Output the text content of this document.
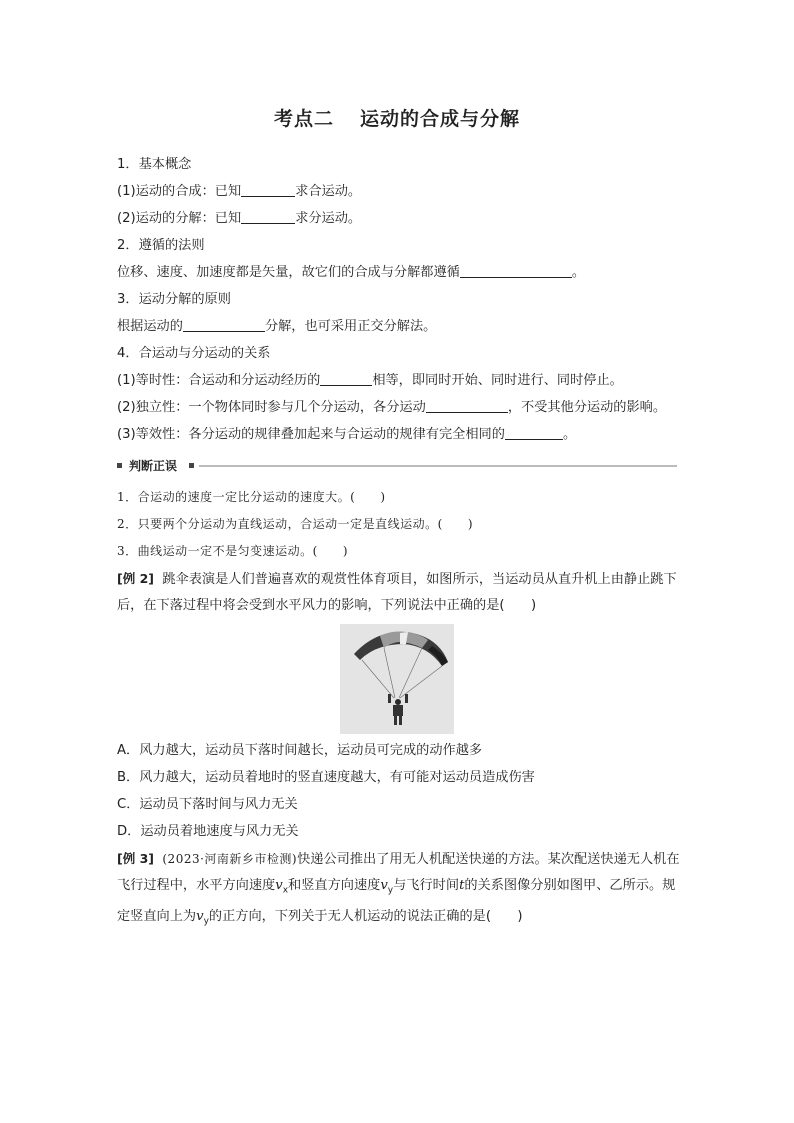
考点二 运动的合成与分解
1．基本概念
(1)运动的合成：已知	求合运动。
(2)运动的分解：已知	求分运动。
2．遵循的法则
位移、速度、加速度都是矢量，故它们的合成与分解都遵循	。
3．运动分解的原则
根据运动的	分解，也可采用正交分解法。
4．合运动与分运动的关系
(1)等时性：合运动和分运动经历的	相等，即同时开始、同时进行、同时停止。
(2)独立性：一个物体同时参与几个分运动，各分运动	，不受其他分运动的影响。
(3)等效性：各分运动的规律叠加起来与合运动的规律有完全相同的	。
判断正误
1．合运动的速度一定比分运动的速度大。(　　)
2．只要两个分运动为直线运动，合运动一定是直线运动。(　　)
3．曲线运动一定不是匀变速运动。(　　)
[例 2] 跳伞表演是人们普遍喜欢的观赏性体育项目，如图所示，当运动员从直升机上由静止跳下后，在下落过程中将会受到水平风力的影响，下列说法中正确的是(　　)
A．风力越大，运动员下落时间越长，运动员可完成的动作越多
B．风力越大，运动员着地时的竖直速度越大，有可能对运动员造成伤害
C．运动员下落时间与风力无关
D．运动员着地速度与风力无关
[例 3] (2023·河南新乡市检测)快递公司推出了用无人机配送快递的方法。某次配送快递无人机在飞行过程中，水平方向速度$v_x$和竖直方向速度$v_y$与飞行时间t的关系图像分别如图甲、乙所示。规定竖直向上为$v_y$的正方向，下列关于无人机运动的说法正确的是(　　)
